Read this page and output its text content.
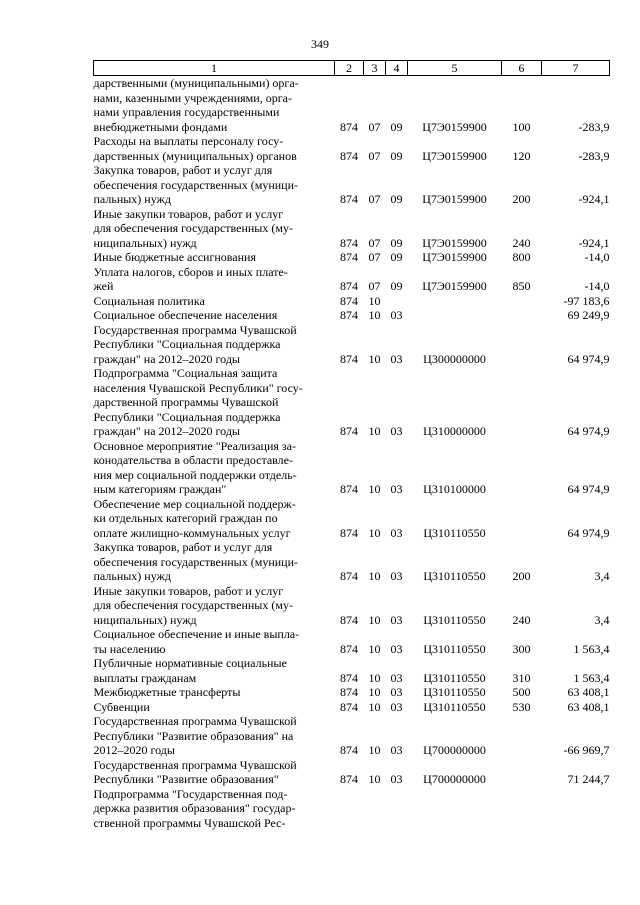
349
1	2	3	4	5	6	7
дарственными (муниципальными) орга-
нами, казенными учреждениями, орга-
нами управления государственными
внебюджетными фондами	874	07	09	Ц7Э0159900	100	-283,9
Расходы на выплаты персоналу госу-
дарственных (муниципальных) органов	874	07	09	Ц7Э0159900	120	-283,9
Закупка товаров, работ и услуг для
обеспечения государственных (муници-
пальных) нужд	874	07	09	Ц7Э0159900	200	-924,1
Иные закупки товаров, работ и услуг
для обеспечения государственных (му-
ниципальных) нужд	874	07	09	Ц7Э0159900	240	-924,1
Иные бюджетные ассигнования	874	07	09	Ц7Э0159900	800	-14,0
Уплата налогов, сборов и иных плате-
жей	874	07	09	Ц7Э0159900	850	-14,0
Социальная политика	874	10				-97 183,6
Социальное обеспечение населения	874	10	03			69 249,9
Государственная программа Чувашской
Республики "Социальная поддержка
граждан" на 2012–2020 годы	874	10	03	Ц300000000		64 974,9
Подпрограмма "Социальная защита
населения Чувашской Республики" госу-
дарственной программы Чувашской
Республики "Социальная поддержка
граждан" на 2012–2020 годы	874	10	03	Ц310000000		64 974,9
Основное мероприятие "Реализация за-
конодательства в области предоставле-
ния мер социальной поддержки отдель-
ным категориям граждан"	874	10	03	Ц310100000		64 974,9
Обеспечение мер социальной поддерж-
ки отдельных категорий граждан по
оплате жилищно-коммунальных услуг	874	10	03	Ц310110550		64 974,9
Закупка товаров, работ и услуг для
обеспечения государственных (муници-
пальных) нужд	874	10	03	Ц310110550	200	3,4
Иные закупки товаров, работ и услуг
для обеспечения государственных (му-
ниципальных) нужд	874	10	03	Ц310110550	240	3,4
Социальное обеспечение и иные выпла-
ты населению	874	10	03	Ц310110550	300	1 563,4
Публичные нормативные социальные
выплаты гражданам	874	10	03	Ц310110550	310	1 563,4
Межбюджетные трансферты	874	10	03	Ц310110550	500	63 408,1
Субвенции	874	10	03	Ц310110550	530	63 408,1
Государственная программа Чувашской
Республики "Развитие образования" на
2012–2020 годы	874	10	03	Ц700000000		-66 969,7
Государственная программа Чувашской
Республики "Развитие образования"	874	10	03	Ц700000000		71 244,7
Подпрограмма "Государственная под-
держка развития образования" государ-
ственной программы Чувашской Рес-						
